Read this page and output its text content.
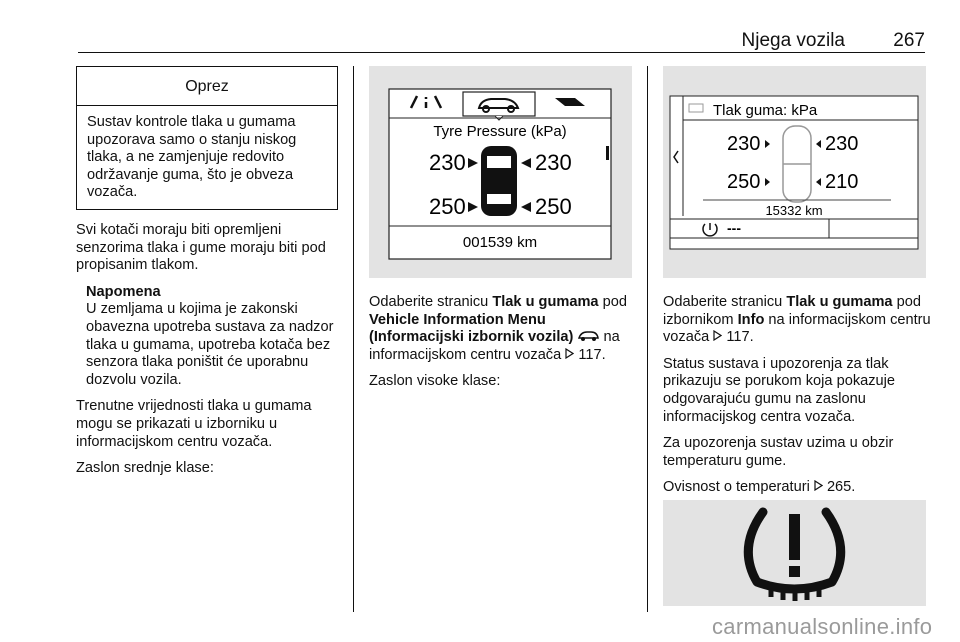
Njega vozila	267
Oprez
Sustav kontrole tlaka u gumama upozorava samo o stanju niskog tlaka, a ne zamjenjuje redovito održavanje guma, što je obveza vozača.

Svi kotači moraju biti opremljeni senzorima tlaka i gume moraju biti pod propisanim tlakom.

Napomena

U zemljama u kojima je zakonski obavezna upotreba sustava za nadzor tlaka u gumama, upotreba kotača bez senzora tlaka poništit će uporabnu dozvolu vozila.

Trenutne vrijednosti tlaka u gumama mogu se prikazati u izborniku u informacijskom centru vozača.

Zaslon srednje klase:

Tyre Pressure (kPa)
230	230
250	250
001539 km

Odaberite stranicu Tlak u gumama pod Vehicle Information Menu (Informacijski izbornik vozila)  na informacijskom centru vozača  117.

Zaslon visoke klase:

Tlak guma: kPa
230	230
250	210
15332 km
---

Odaberite stranicu Tlak u gumama pod izbornikom Info na informacijskom centru vozača  117.

Status sustava i upozorenja za tlak prikazuju se porukom koja pokazuje odgovarajuću gumu na zaslonu informacijskog centra vozača.

Za upozorenja sustav uzima u obzir temperaturu gume.

Ovisnost o temperaturi  265.

carmanualsonline.info
